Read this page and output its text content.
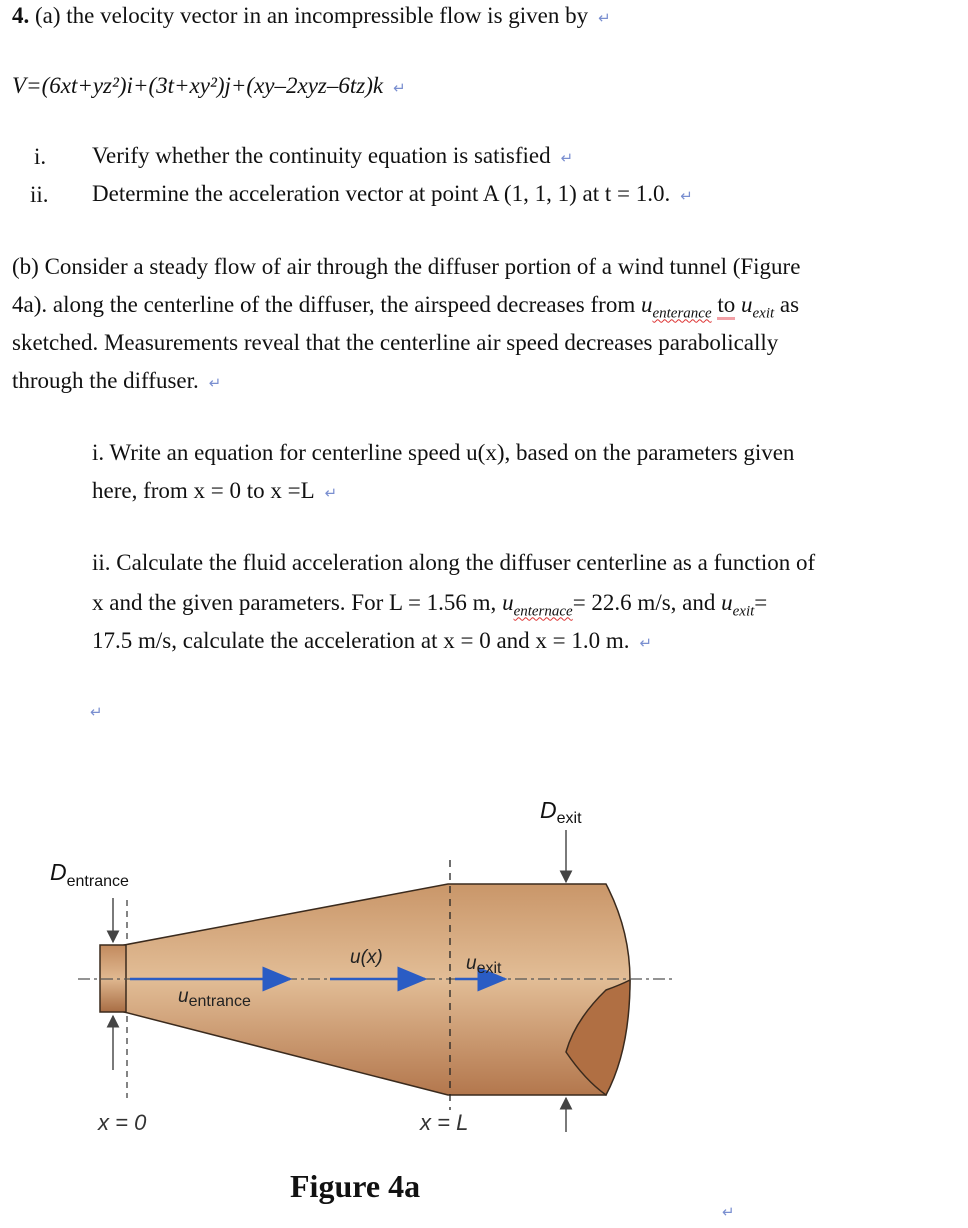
4. (a) the velocity vector in an incompressible flow is given by ↵
V=(6xt+yz²)i+(3t+xy²)j+(xy–2xyz–6tz)k ↵
i. Verify whether the continuity equation is satisfied ↵
ii. Determine the acceleration vector at point A (1, 1, 1) at t = 1.0. ↵
(b) Consider a steady flow of air through the diffuser portion of a wind tunnel (Figure
4a). along the centerline of the diffuser, the airspeed decreases from $u_{enterance}$ to $u_{exit}$ as
sketched. Measurements reveal that the centerline air speed decreases parabolically
through the diffuser. ↵
i. Write an equation for centerline speed u(x), based on the parameters given
here, from x = 0 to x =L ↵
ii. Calculate the fluid acceleration along the diffuser centerline as a function of
x and the given parameters. For L = 1.56 m, $u_{enternace}= 22.6$ m/s, and $u_{exit}=$
17.5 m/s, calculate the acceleration at x = 0 and x = 1.0 m. ↵
↵
$D_{exit}$
$D_{entrance}$
u(x)	$u_{exit}$
$u_{entrance}$
x = 0	x = L
Figure 4a
↵
